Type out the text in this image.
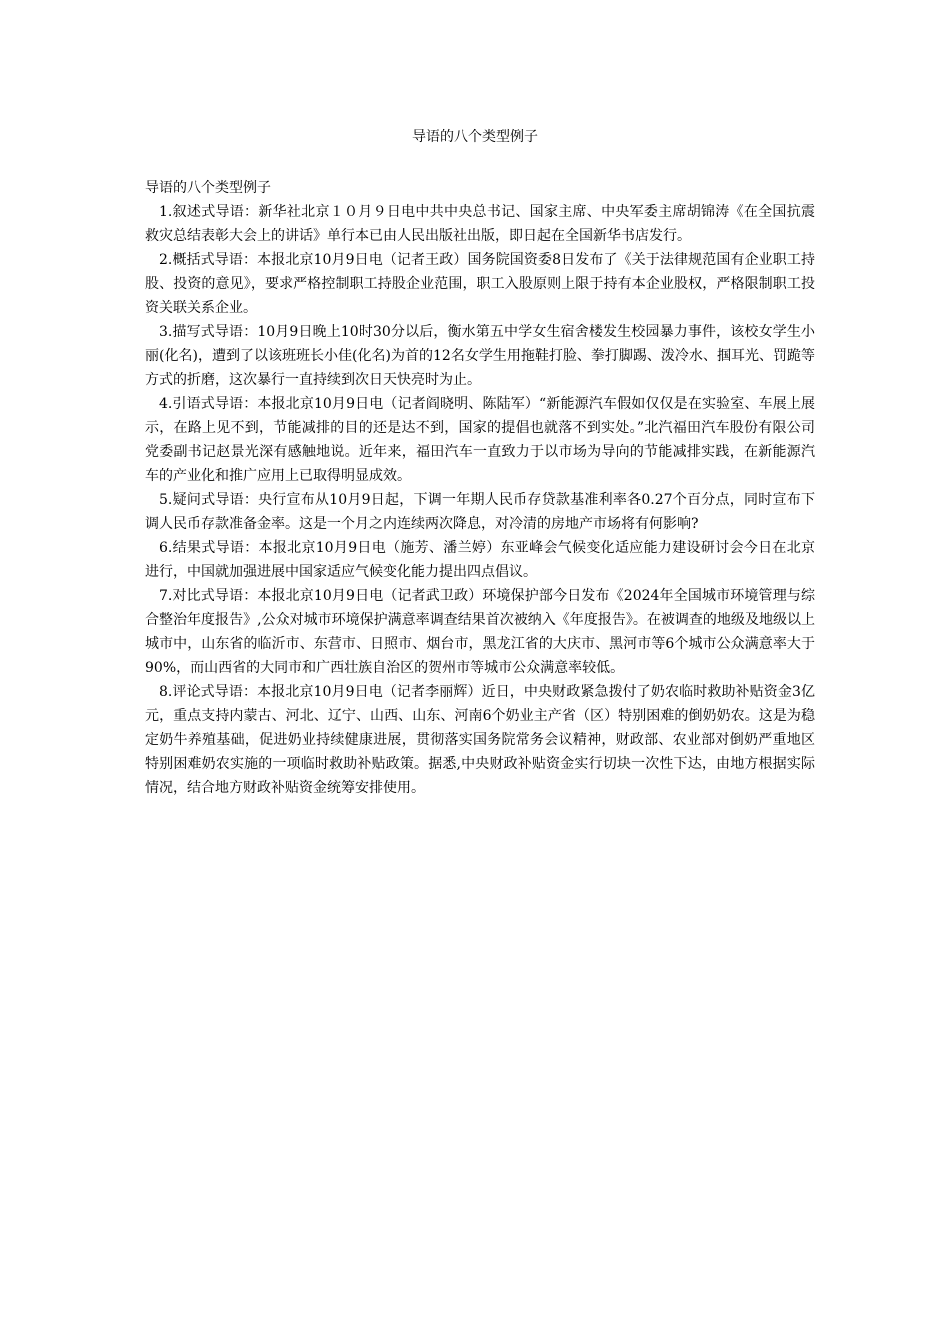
导语的八个类型例子

导语的八个类型例子

1.叙述式导语：新华社北京１０月９日电中共中央总书记、国家主席、中央军委主席胡锦涛《在全国抗震救灾总结表彰大会上的讲话》单行本已由人民出版社出版，即日起在全国新华书店发行。

2.概括式导语：本报北京10月9日电（记者王政）国务院国资委8日发布了《关于法律规范国有企业职工持股、投资的意见》，要求严格控制职工持股企业范围，职工入股原则上限于持有本企业股权，严格限制职工投资关联关系企业。

3.描写式导语：10月9日晚上10时30分以后，衡水第五中学女生宿舍楼发生校园暴力事件，该校女学生小丽(化名)，遭到了以该班班长小佳(化名)为首的12名女学生用拖鞋打脸、拳打脚踢、泼冷水、掴耳光、罚跪等方式的折磨，这次暴行一直持续到次日天快亮时为止。

4.引语式导语：本报北京10月9日电（记者阎晓明、陈陆军）“新能源汽车假如仅仅是在实验室、车展上展示，在路上见不到，节能减排的目的还是达不到，国家的提倡也就落不到实处。”北汽福田汽车股份有限公司党委副书记赵景光深有感触地说。近年来，福田汽车一直致力于以市场为导向的节能减排实践，在新能源汽车的产业化和推广应用上已取得明显成效。

5.疑问式导语：央行宣布从10月9日起，下调一年期人民币存贷款基准利率各0.27个百分点，同时宣布下调人民币存款准备金率。这是一个月之内连续两次降息，对冷清的房地产市场将有何影响?

6.结果式导语：本报北京10月9日电（施芳、潘兰婷）东亚峰会气候变化适应能力建设研讨会今日在北京进行，中国就加强进展中国家适应气候变化能力提出四点倡议。

7.对比式导语：本报北京10月9日电（记者武卫政）环境保护部今日发布《2024年全国城市环境管理与综合整治年度报告》,公众对城市环境保护满意率调查结果首次被纳入《年度报告》。在被调查的地级及地级以上城市中，山东省的临沂市、东营市、日照市、烟台市，黑龙江省的大庆市、黑河市等6个城市公众满意率大于90%，而山西省的大同市和广西壮族自治区的贺州市等城市公众满意率较低。

8.评论式导语：本报北京10月9日电（记者李丽辉）近日，中央财政紧急拨付了奶农临时救助补贴资金3亿元，重点支持内蒙古、河北、辽宁、山西、山东、河南6个奶业主产省（区）特别困难的倒奶奶农。这是为稳定奶牛养殖基础，促进奶业持续健康进展，贯彻落实国务院常务会议精神，财政部、农业部对倒奶严重地区特别困难奶农实施的一项临时救助补贴政策。据悉,中央财政补贴资金实行切块一次性下达，由地方根据实际情况，结合地方财政补贴资金统筹安排使用。
